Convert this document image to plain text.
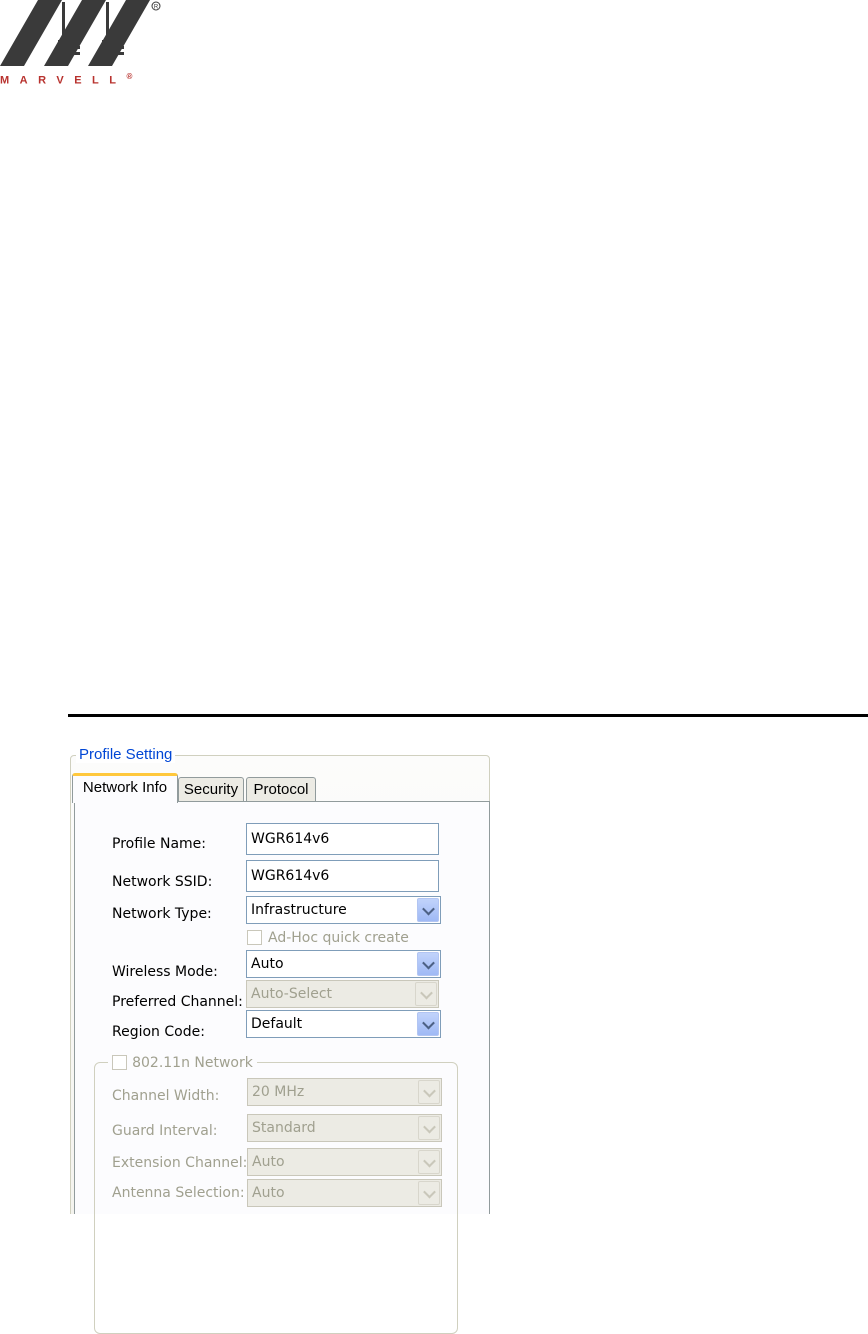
R
MARVELL®
Profile Setting
Network Info	Security	Protocol
Profile Name:	WGR614v6
Network SSID:	WGR614v6
Network Type:	Infrastructure
Ad-Hoc quick create
Wireless Mode:	Auto
Preferred Channel: Auto-Select
Region Code:	Default
802.11n Network
Channel Width:	20 MHz
Guard Interval:	Standard
Extension Channel: Auto
Antenna Selection: Auto
